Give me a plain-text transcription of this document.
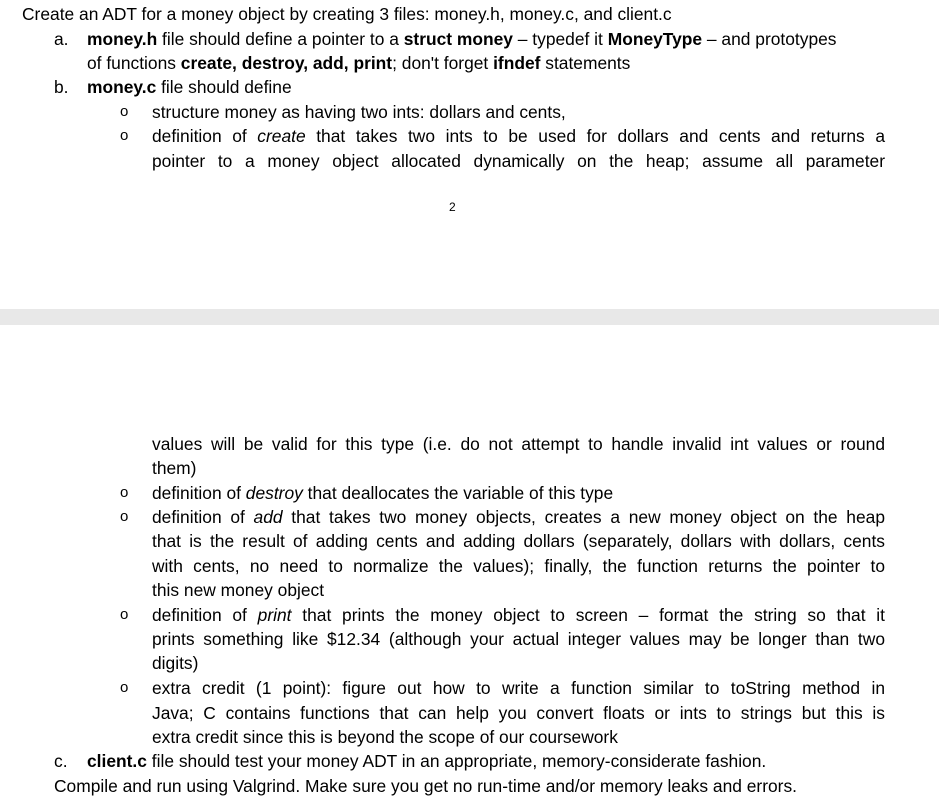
Create an ADT for a money object by creating 3 files: money.h, money.c, and client.c
a. money.h file should define a pointer to a struct money – typedef it MoneyType – and prototypes
of functions create, destroy, add, print; don't forget ifndef statements
b. money.c file should define
o structure money as having two ints: dollars and cents,
o definition of create that takes two ints to be used for dollars and cents and returns a
pointer to a money object allocated dynamically on the heap; assume all parameter
2
values will be valid for this type (i.e. do not attempt to handle invalid int values or round
them)
o definition of destroy that deallocates the variable of this type
o definition of add that takes two money objects, creates a new money object on the heap
that is the result of adding cents and adding dollars (separately, dollars with dollars, cents
with cents, no need to normalize the values); finally, the function returns the pointer to
this new money object
o definition of print that prints the money object to screen – format the string so that it
prints something like $12.34 (although your actual integer values may be longer than two
digits)
o extra credit (1 point): figure out how to write a function similar to toString method in
Java; C contains functions that can help you convert floats or ints to strings but this is
extra credit since this is beyond the scope of our coursework
c. client.c file should test your money ADT in an appropriate, memory-considerate fashion.
Compile and run using Valgrind. Make sure you get no run-time and/or memory leaks and errors.
